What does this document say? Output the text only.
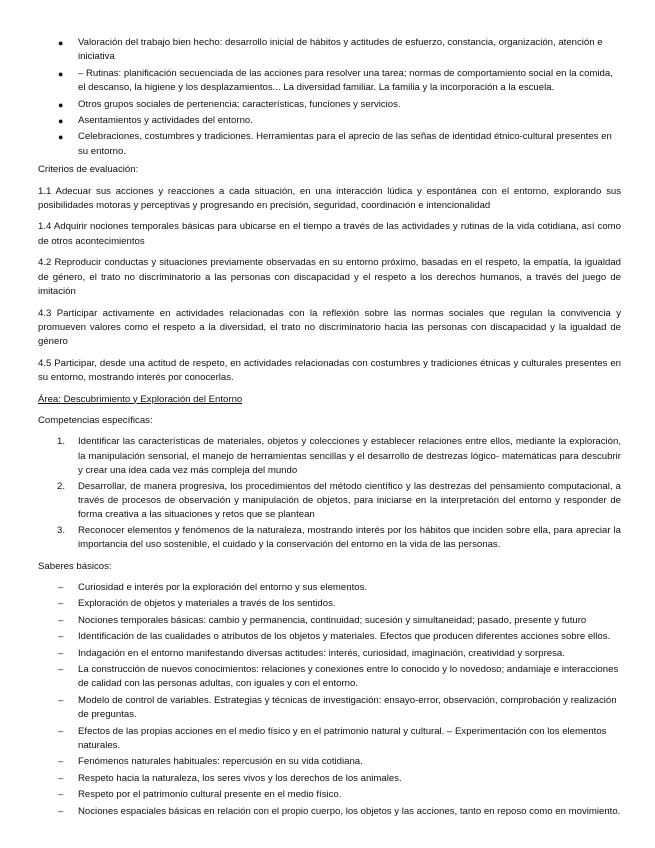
●	Valoración del trabajo bien hecho: desarrollo inicial de hábitos y actitudes de esfuerzo, constancia, organización, atención e iniciativa
●	– Rutinas: planificación secuenciada de las acciones para resolver una tarea; normas de comportamiento social en la comida, el descanso, la higiene y los desplazamientos... La diversidad familiar. La familia y la incorporación a la escuela.
●	Otros grupos sociales de pertenencia: características, funciones y servicios.
●	Asentamientos y actividades del entorno.
●	Celebraciones, costumbres y tradiciones. Herramientas para el aprecio de las señas de identidad étnico-cultural presentes en su entorno.

Criterios de evaluación:

1.1 Adecuar sus acciones y reacciones a cada situación, en una interacción lúdica y espontánea con el entorno, explorando sus posibilidades motoras y perceptivas y progresando en precisión, seguridad, coordinación e intencionalidad

1.4 Adquirir nociones temporales básicas para ubicarse en el tiempo a través de las actividades y rutinas de la vida cotidiana, así como de otros acontecimientos

4.2 Reproducir conductas y situaciones previamente observadas en su entorno próximo, basadas en el respeto, la empatía, la igualdad de género, el trato no discriminatorio a las personas con discapacidad y el respeto a los derechos humanos, a través del juego de imitación

4.3 Participar activamente en actividades relacionadas con la reflexión sobre las normas sociales que regulan la convivencia y promueven valores como el respeto a la diversidad, el trato no discriminatorio hacia las personas con discapacidad y la igualdad de género

4.5 Participar, desde una actitud de respeto, en actividades relacionadas con costumbres y tradiciones étnicas y culturales presentes en su entorno, mostrando interés por conocerlas.

Área: Descubrimiento y Exploración del Entorno

Competencias específicas:

1. Identificar las características de materiales, objetos y colecciones y establecer relaciones entre ellos, mediante la exploración, la manipulación sensorial, el manejo de herramientas sencillas y el desarrollo de destrezas lógico- matemáticas para descubrir y crear una idea cada vez más compleja del mundo
2. Desarrollar, de manera progresiva, los procedimientos del método científico y las destrezas del pensamiento computacional, a través de procesos de observación y manipulación de objetos, para iniciarse en la interpretación del entorno y responder de forma creativa a las situaciones y retos que se plantean
3. Reconocer elementos y fenómenos de la naturaleza, mostrando interés por los hábitos que inciden sobre ella, para apreciar la importancia del uso sostenible, el cuidado y la conservación del entorno en la vida de las personas.

Saberes básicos:

– Curiosidad e interés por la exploración del entorno y sus elementos.
– Exploración de objetos y materiales a través de los sentidos.
– Nociones temporales básicas: cambio y permanencia, continuidad; sucesión y simultaneidad; pasado, presente y futuro
– Identificación de las cualidades o atributos de los objetos y materiales. Efectos que producen diferentes acciones sobre ellos.
– Indagación en el entorno manifestando diversas actitudes: interés, curiosidad, imaginación, creatividad y sorpresa.
– La construcción de nuevos conocimientos: relaciones y conexiones entre lo conocido y lo novedoso; andamiaje e interacciones de calidad con las personas adultas, con iguales y con el entorno.
– Modelo de control de variables. Estrategias y técnicas de investigación: ensayo-error, observación, comprobación y realización de preguntas.
– Efectos de las propias acciones en el medio físico y en el patrimonio natural y cultural. – Experimentación con los elementos naturales.
– Fenómenos naturales habituales: repercusión en su vida cotidiana.
– Respeto hacia la naturaleza, los seres vivos y los derechos de los animales.
– Respeto por el patrimonio cultural presente en el medio físico.
– Nociones espaciales básicas en relación con el propio cuerpo, los objetos y las acciones, tanto en reposo como en movimiento.
